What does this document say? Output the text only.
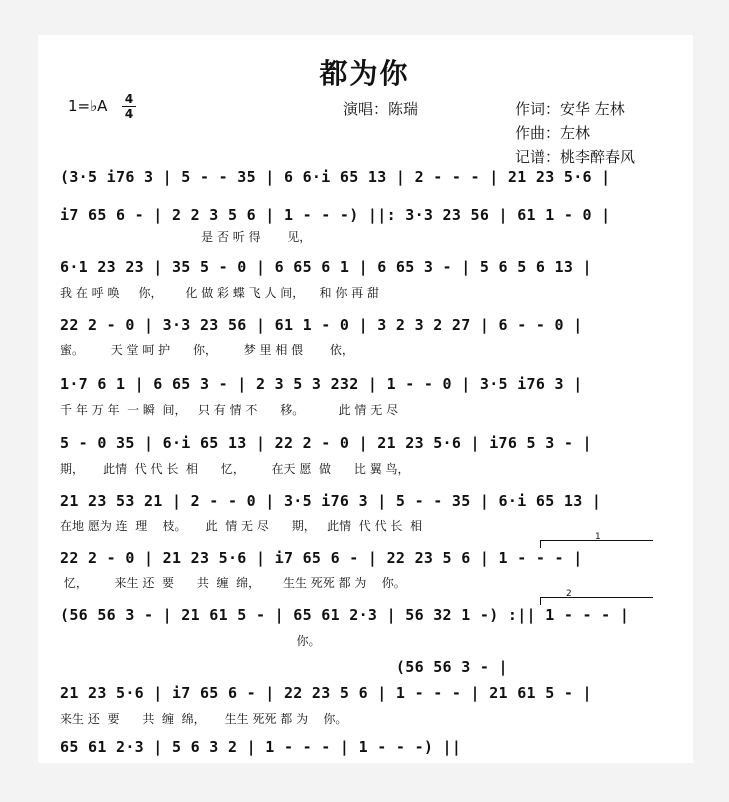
都为你
1=♭A 4
4	演唱：陈瑞	作词：安华 左林
作曲：左林
记谱：桃李醉春风
(3·5 i76 3 | 5 - - 35 | 6 6·i 65 13 | 2 - - - | 21 23 5·6 |
i7 65 6 - | 2 2 3 5 6 | 1 - - -) ||: 3·3 23 56 | 61 1 - 0 |
是 否 听 得       见，
6·1 23 23 | 35 5 - 0 | 6 65 6 1 | 6 65 3 - | 5 6 5 6 13 |
我 在 呼 唤     你，      化 做 彩 蝶 飞 人 间，    和 你 再 甜
22 2 - 0 | 3·3 23 56 | 61 1 - 0 | 3 2 3 2 27 | 6 - - 0 |
蜜。       天 堂 呵 护      你，       梦 里 相 偎       依，
1·7 6 1 | 6 65 3 - | 2 3 5 3 232 | 1 - - 0 | 3·5 i76 3 |
千 年 万 年  一 瞬  间，   只 有 情 不      移。         此 情 无 尽
5 - 0 35 | 6·i 65 13 | 22 2 - 0 | 21 23 5·6 | i76 5 3 - |
期，     此情  代 代 长  相      忆，       在天 愿  做      比 翼 鸟，
21 23 53 21 | 2 - - 0 | 3·5 i76 3 | 5 - - 35 | 6·i 65 13 |
在地 愿为 连  理    枝。     此  情 无 尽      期，   此情  代 代 长  相
1
22 2 - 0 | 21 23 5·6 | i7 65 6 - | 22 23 5 6 | 1 - - - |
忆，       来生 还  要      共  缠  绵，      生生 死死 都 为    你。
2
(56 56 3 - | 21 61 5 - | 65 61 2·3 | 56 32 1 -) :|| 1 - - - |
你。
(56 56 3 - |
21 23 5·6 | i7 65 6 - | 22 23 5 6 | 1 - - - | 21 61 5 - |
来生 还  要      共  缠  绵，     生生 死死 都 为    你。
65 61 2·3 | 5 6 3 2 | 1 - - - | 1 - - -) ||
